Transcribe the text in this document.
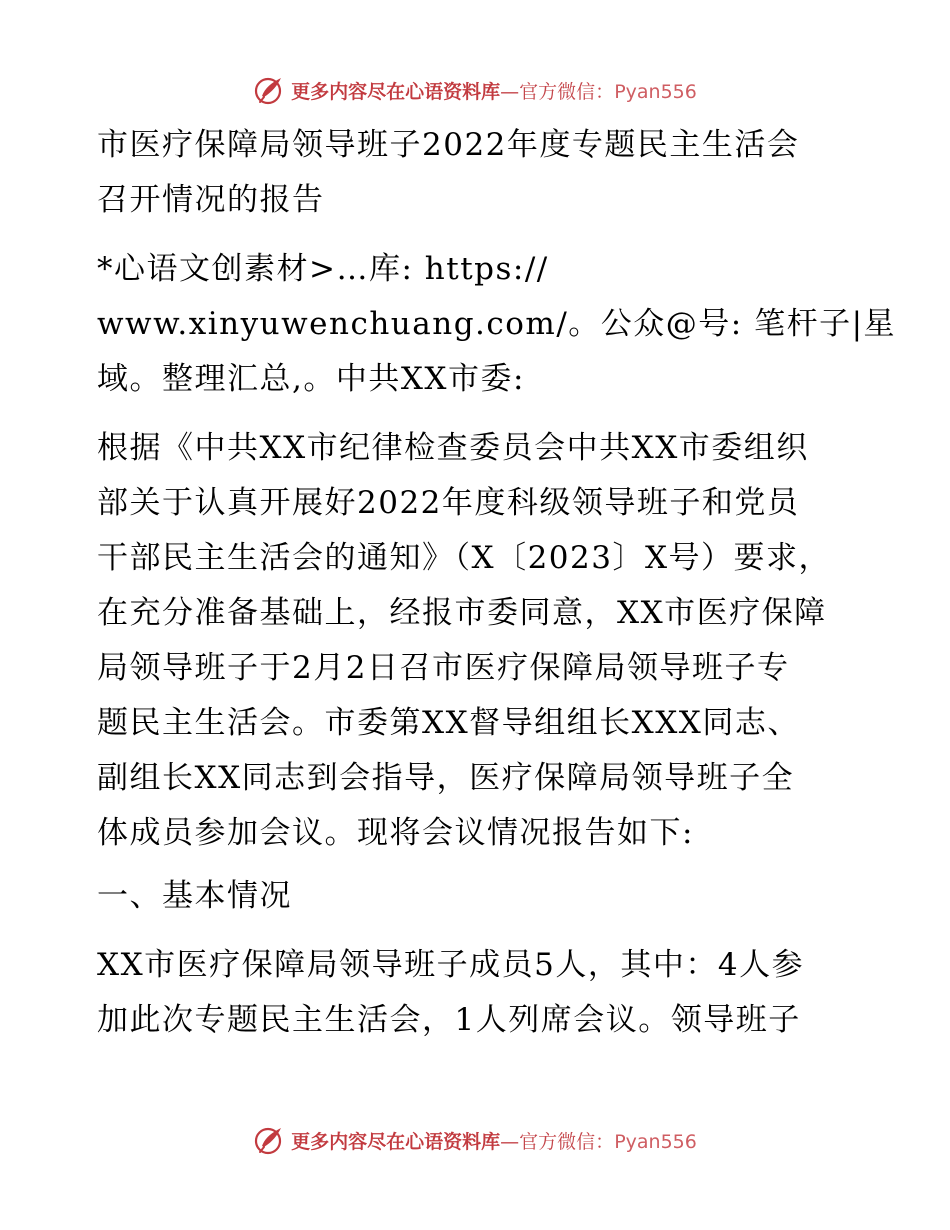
更多内容尽在心语资料库—官方微信：Pyan556
市医疗保障局领导班子2022年度专题民主生活会
召开情况的报告
*心语文创素材>…库: https://
www.xinyuwenchuang.com/。公众@号: 笔杆子|星
域。整理汇总,。中共XX市委:
根据《中共XX市纪律检查委员会中共XX市委组织
部关于认真开展好2022年度科级领导班子和党员
干部民主生活会的通知》（X〔2023〕X号）要求，
在充分准备基础上，经报市委同意，XX市医疗保障
局领导班子于2月2日召市医疗保障局领导班子专
题民主生活会。市委第XX督导组组长XXX同志、
副组长XX同志到会指导，医疗保障局领导班子全
体成员参加会议。现将会议情况报告如下:
一、基本情况
XX市医疗保障局领导班子成员5人，其中：4人参
加此次专题民主生活会，1人列席会议。领导班子
更多内容尽在心语资料库—官方微信：Pyan556
